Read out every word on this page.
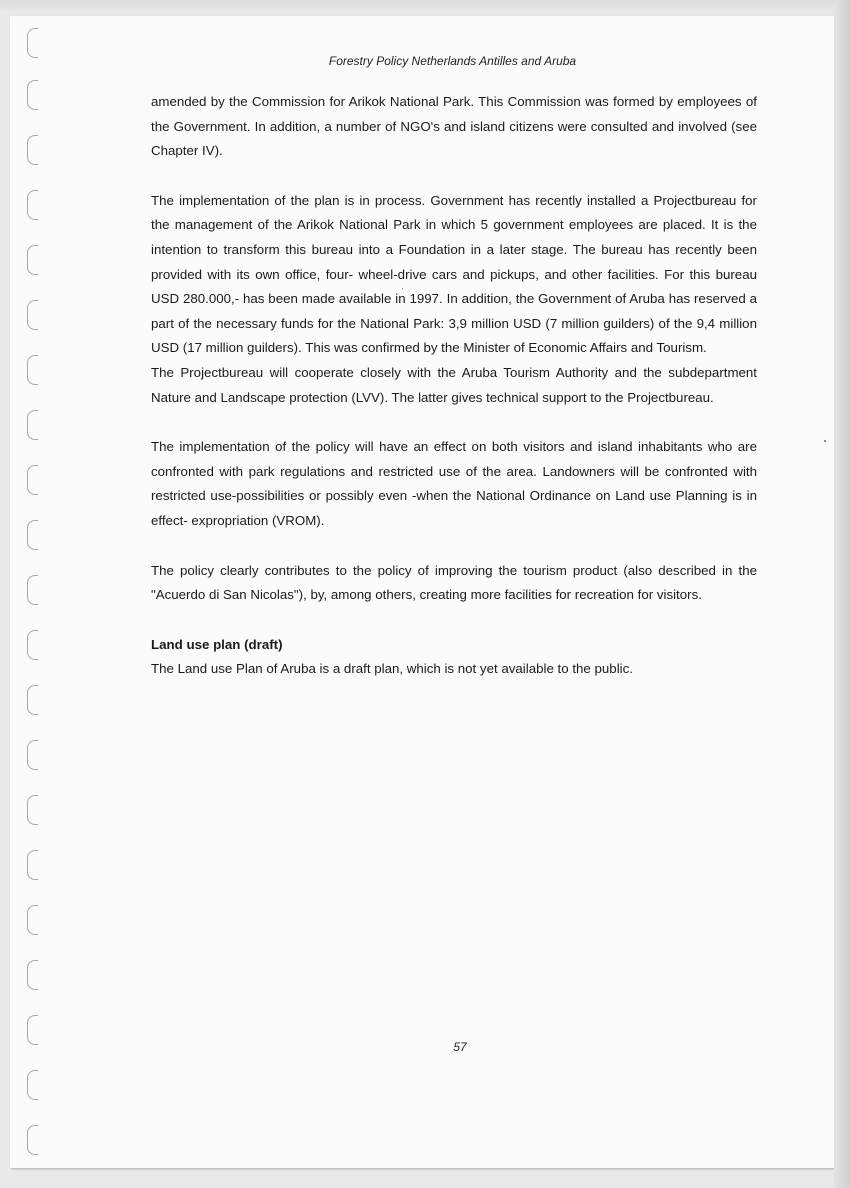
Forestry Policy Netherlands Antilles and Aruba

amended by the Commission for Arikok National Park. This Commission was formed by employees of the Government. In addition, a number of NGO's and island citizens were consulted and involved (see Chapter IV).

The implementation of the plan is in process. Government has recently installed a Projectbureau for the management of the Arikok National Park in which 5 government employees are placed. It is the intention to transform this bureau into a Foundation in a later stage. The bureau has recently been provided with its own office, four- wheel-drive cars and pickups, and other facilities. For this bureau USD 280.000,- has been made available in 1997. In addition, the Government of Aruba has reserved a part of the necessary funds for the National Park: 3,9 million USD (7 million guilders) of the 9,4 million USD (17 million guilders). This was confirmed by the Minister of Economic Affairs and Tourism.
The Projectbureau will cooperate closely with the Aruba Tourism Authority and the subdepartment Nature and Landscape protection (LVV). The latter gives technical support to the Projectbureau.

The implementation of the policy will have an effect on both visitors and island inhabitants who are confronted with park regulations and restricted use of the area. Landowners will be confronted with restricted use-possibilities or possibly even -when the National Ordinance on Land use Planning is in effect- expropriation (VROM).

The policy clearly contributes to the policy of improving the tourism product (also described in the "Acuerdo di San Nicolas"), by, among others, creating more facilities for recreation for visitors.

Land use plan (draft)

The Land use Plan of Aruba is a draft plan, which is not yet available to the public.

57
